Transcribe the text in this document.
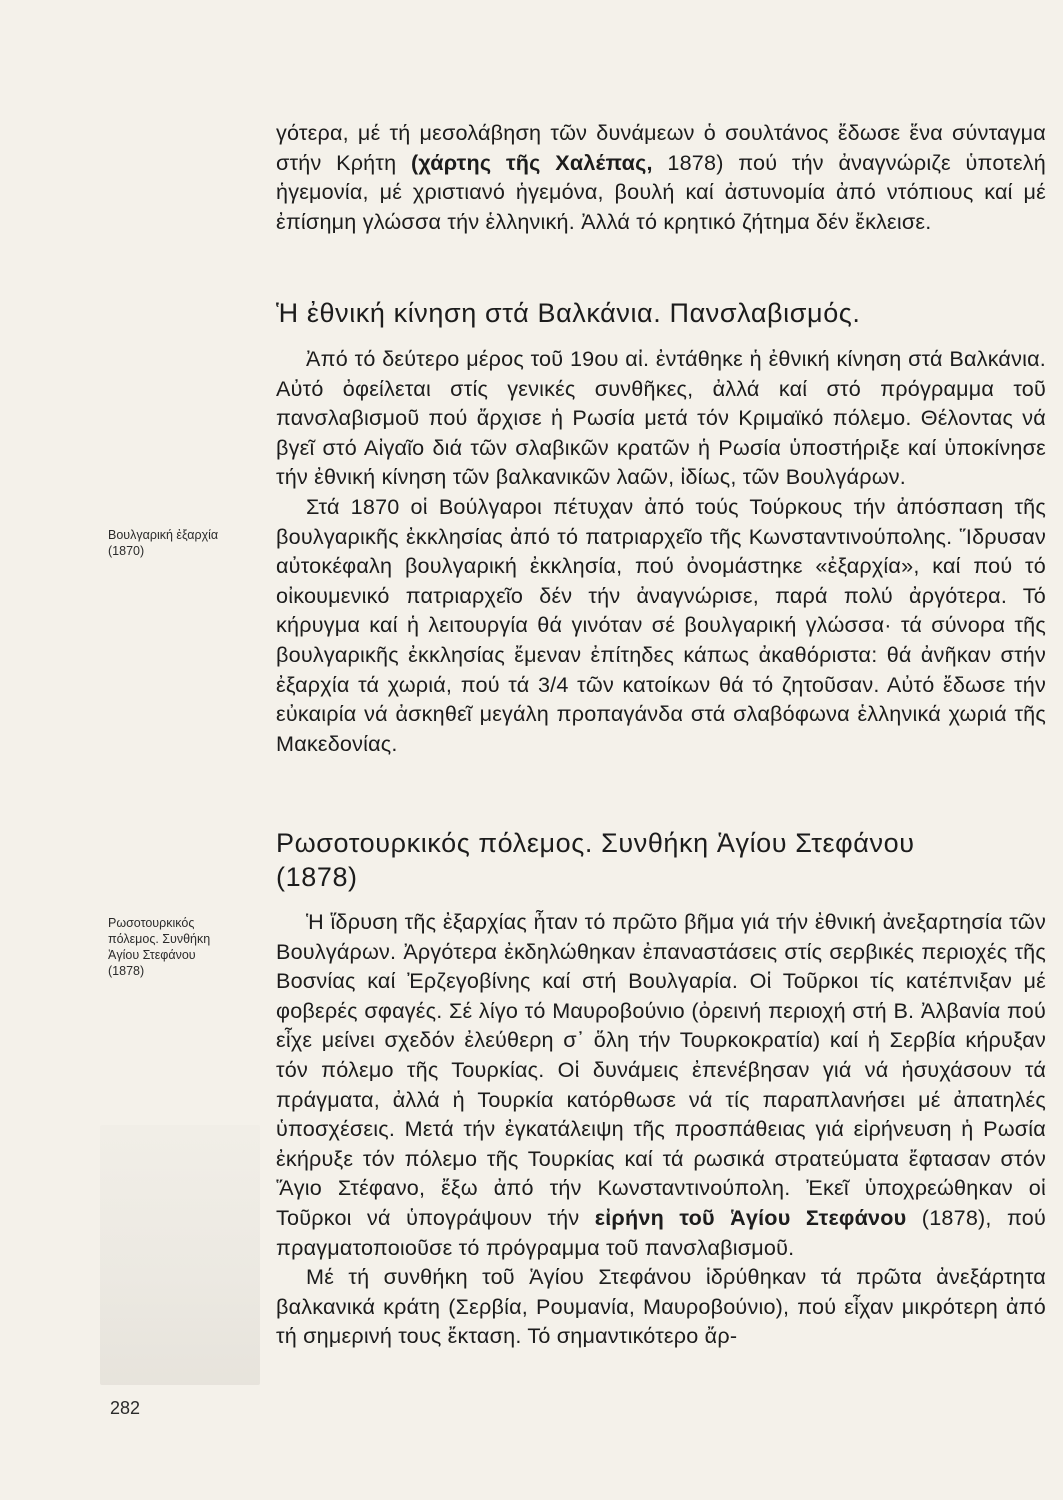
γότερα, μέ τή μεσολάβηση τῶν δυνάμεων ὁ σουλτάνος ἔδωσε ἕνα σύνταγμα στήν Κρήτη (χάρτης τῆς Χαλέπας, 1878) πού τήν ἀναγνώριζε ὑποτελή ἡγεμονία, μέ χριστιανό ἡγεμόνα, βουλή καί ἀστυνομία ἀπό ντόπιους καί μέ ἐπίσημη γλώσσα τήν ἑλληνική. Ἀλλά τό κρητικό ζήτημα δέν ἔκλεισε.

Ἡ ἐθνική κίνηση στά Βαλκάνια. Πανσλαβισμός.

Ἀπό τό δεύτερο μέρος τοῦ 19ου αἰ. ἐντάθηκε ἡ ἐθνική κίνηση στά Βαλκάνια. Αὐτό ὀφείλεται στίς γενικές συνθῆκες, ἀλλά καί στό πρόγραμμα τοῦ πανσλαβισμοῦ πού ἄρχισε ἡ Ρωσία μετά τόν Κριμαϊκό πόλεμο. Θέλοντας νά βγεῖ στό Αἰγαῖο διά τῶν σλαβικῶν κρατῶν ἡ Ρωσία ὑποστήριξε καί ὑποκίνησε τήν ἐθνική κίνηση τῶν βαλκανικῶν λαῶν, ἰδίως, τῶν Βουλγάρων.

Στά 1870 οἱ Βούλγαροι πέτυχαν ἀπό τούς Τούρκους τήν ἀπόσπαση τῆς βουλγαρικῆς ἐκκλησίας ἀπό τό πατριαρχεῖο τῆς Κωνσταντινούπολης. Ἵδρυσαν αὐτοκέφαλη βουλγαρική ἐκκλησία, πού ὀνομάστηκε «ἐξαρχία», καί πού τό οἰκουμενικό πατριαρχεῖο δέν τήν ἀναγνώρισε, παρά πολύ ἀργότερα. Τό κήρυγμα καί ἡ λειτουργία θά γινόταν σέ βουλγαρική γλώσσα· τά σύνορα τῆς βουλγαρικῆς ἐκκλησίας ἔμεναν ἐπίτηδες κάπως ἀκαθόριστα: θά ἀνῆκαν στήν ἐξαρχία τά χωριά, πού τά 3/4 τῶν κατοίκων θά τό ζητοῦσαν. Αὐτό ἔδωσε τήν εὐκαιρία νά ἀσκηθεῖ μεγάλη προπαγάνδα στά σλαβόφωνα ἑλληνικά χωριά τῆς Μακεδονίας.

Βουλγαρική ἐξαρχία
(1870)
Ρωσοτουρκικός πόλεμος. Συνθήκη Ἁγίου Στεφάνου
(1878)

Ἡ ἵδρυση τῆς ἐξαρχίας ἦταν τό πρῶτο βῆμα γιά τήν ἐθνική ἀνεξαρτησία τῶν Βουλγάρων. Ἀργότερα ἐκδηλώθηκαν ἐπαναστάσεις στίς σερβικές περιοχές τῆς Βοσνίας καί Ἐρζεγοβίνης καί στή Βουλγαρία. Οἱ Τοῦρκοι τίς κατέπνιξαν μέ φοβερές σφαγές. Σέ λίγο τό Μαυροβούνιο (ὀρεινή περιοχή στή Β. Ἀλβανία πού εἶχε μείνει σχεδόν ἐλεύθερη σ᾽ ὅλη τήν Τουρκοκρατία) καί ἡ Σερβία κήρυξαν τόν πόλεμο τῆς Τουρκίας. Οἱ δυνάμεις ἐπενέβησαν γιά νά ἡσυχάσουν τά πράγματα, ἀλλά ἡ Τουρκία κατόρθωσε νά τίς παραπλανήσει μέ ἀπατηλές ὑποσχέσεις. Μετά τήν ἐγκατάλειψη τῆς προσπάθειας γιά εἰρήνευση ἡ Ρωσία ἐκήρυξε τόν πόλεμο τῆς Τουρκίας καί τά ρωσικά στρατεύματα ἔφτασαν στόν Ἅγιο Στέφανο, ἔξω ἀπό τήν Κωνσταντινούπολη. Ἐκεῖ ὑποχρεώθηκαν οἱ Τοῦρκοι νά ὑπογράψουν τήν εἰρήνη τοῦ Ἁγίου Στεφάνου (1878), πού πραγματοποιοῦσε τό πρόγραμμα τοῦ πανσλαβισμοῦ.

Μέ τή συνθήκη τοῦ Ἁγίου Στεφάνου ἱδρύθηκαν τά πρῶτα ἀνεξάρτητα βαλκανικά κράτη (Σερβία, Ρουμανία, Μαυροβούνιο), πού εἶχαν μικρότερη ἀπό τή σημερινή τους ἔκταση. Τό σημαντικότερο ἄρ-

Ρωσοτουρκικός
πόλεμος. Συνθήκη
Ἁγίου Στεφάνου
(1878)
282
